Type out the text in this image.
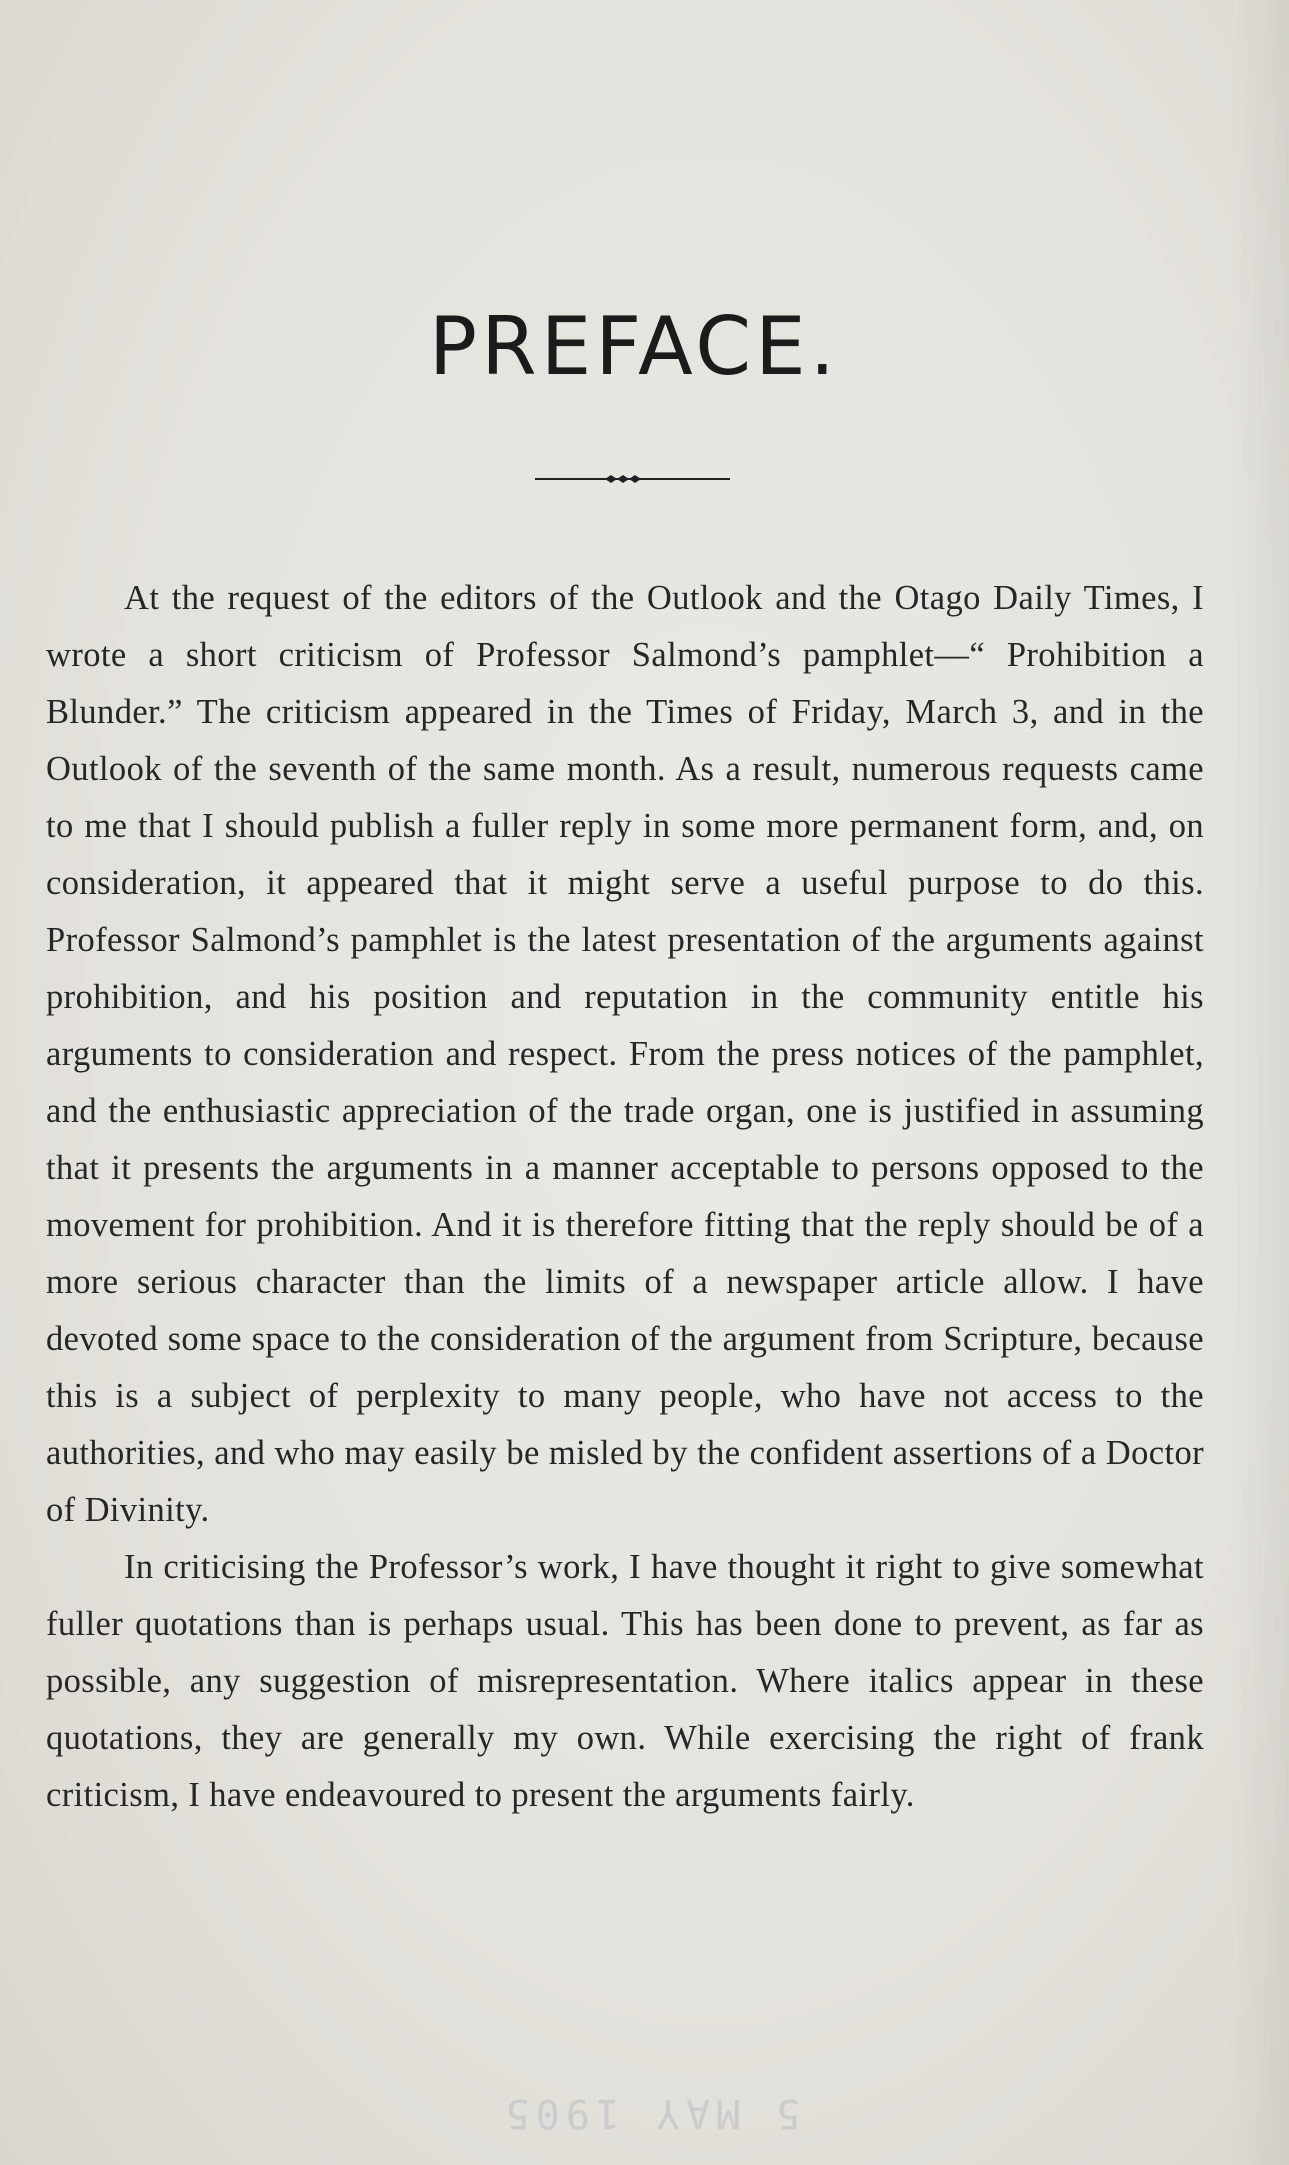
PREFACE.

At the request of the editors of the Outlook and the Otago Daily Times, I wrote a short criticism of Professor Salmond’s pamphlet—“ Prohibition a Blunder.” The criticism appeared in the Times of Friday, March 3, and in the Outlook of the seventh of the same month. As a result, numerous requests came to me that I should publish a fuller reply in some more permanent form, and, on consideration, it appeared that it might serve a useful purpose to do this. Professor Salmond’s pamphlet is the latest presentation of the arguments against prohibition, and his position and reputation in the community entitle his arguments to consideration and respect. From the press notices of the pamphlet, and the enthusiastic appreciation of the trade organ, one is justified in assuming that it presents the arguments in a manner acceptable to persons opposed to the movement for prohibition. And it is therefore fitting that the reply should be of a more serious character than the limits of a newspaper article allow. I have devoted some space to the consideration of the argument from Scripture, because this is a subject of perplexity to many people, who have not access to the authorities, and who may easily be misled by the confident assertions of a Doctor of Divinity.

In criticising the Professor’s work, I have thought it right to give somewhat fuller quotations than is perhaps usual. This has been done to prevent, as far as possible, any suggestion of misrepresentation. Where italics appear in these quotations, they are generally my own. While exercising the right of frank criticism, I have endeavoured to present the arguments fairly.

5 MAY 1905
